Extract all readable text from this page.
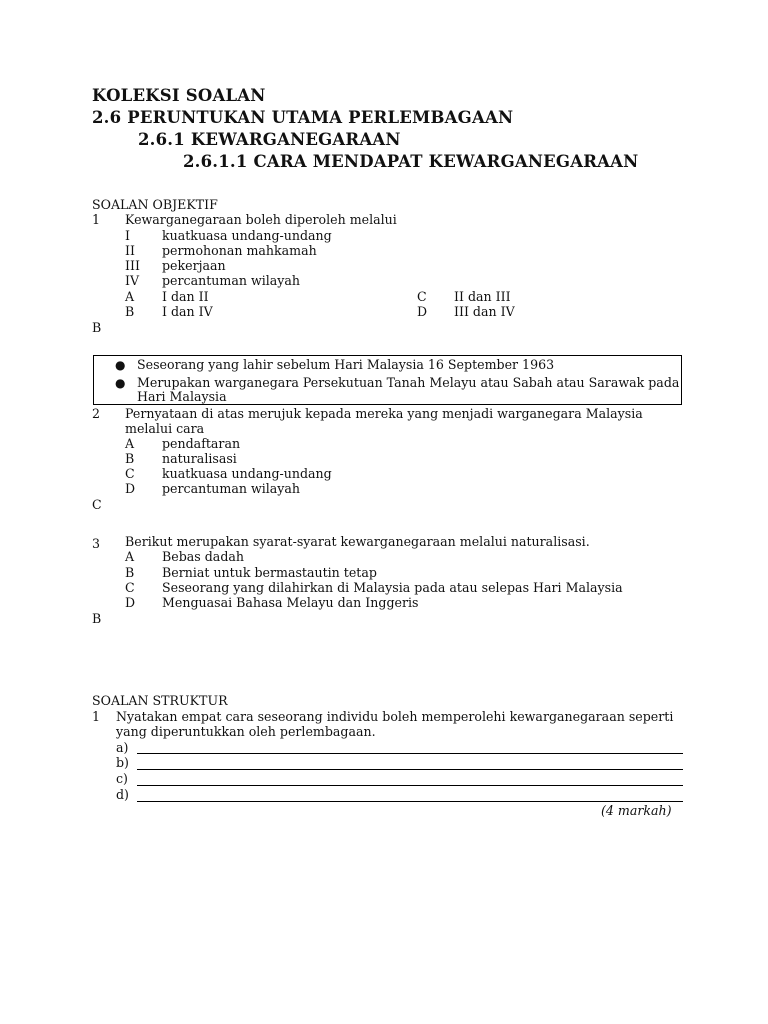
KOLEKSI SOALAN
2.6 PERUNTUKAN UTAMA PERLEMBAGAAN
2.6.1 KEWARGANEGARAAN
2.6.1.1 CARA MENDAPAT KEWARGANEGARAAN
SOALAN OBJEKTIF
1 Kewarganegaraan boleh diperoleh melalui
I	kuatkuasa undang-undang
II permohonan mahkamah
III pekerjaan
IV percantuman wilayah
A I dan II	C II dan III
B I dan IV	D III dan IV
B
● Seseorang yang lahir sebelum Hari Malaysia 16 September 1963
● Merupakan warganegara Persekutuan Tanah Melayu atau Sabah atau Sarawak pada
Hari Malaysia
2 Pernyataan di atas merujuk kepada mereka yang menjadi warganegara Malaysia
melalui cara
A pendaftaran
B naturalisasi
C kuatkuasa undang-undang
D percantuman wilayah
C
3 Berikut merupakan syarat-syarat kewarganegaraan melalui naturalisasi.
A Bebas dadah
B Berniat untuk bermastautin tetap
C Seseorang yang dilahirkan di Malaysia pada atau selepas Hari Malaysia
D Menguasai Bahasa Melayu dan Inggeris
B
SOALAN STRUKTUR
1 Nyatakan empat cara seseorang individu boleh memperolehi kewarganegaraan seperti
yang diperuntukkan oleh perlembagaan.
a)
b)
c)
d)
(4 markah)
